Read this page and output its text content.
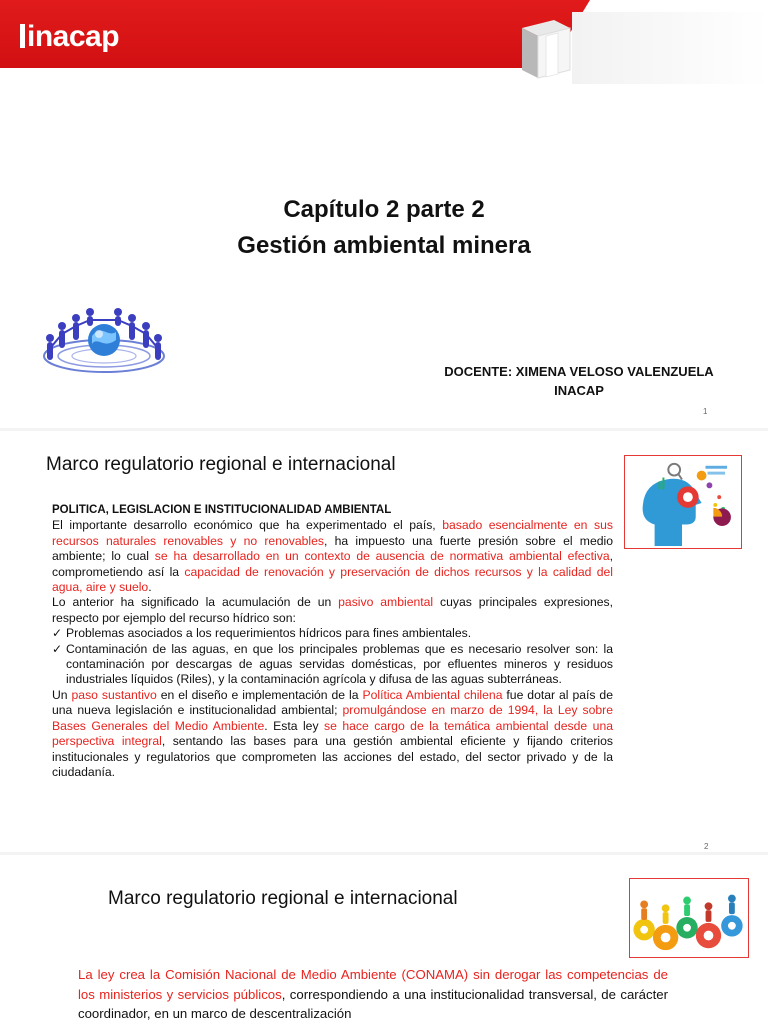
inacap
Capítulo 2 parte 2
Gestión ambiental minera
DOCENTE: XIMENA VELOSO VALENZUELA
INACAP
1
Marco regulatorio regional e internacional
POLITICA, LEGISLACION E INSTITUCIONALIDAD AMBIENTAL
El importante desarrollo económico que ha experimentado el país, basado esencialmente en sus recursos naturales renovables y no renovables, ha impuesto una fuerte presión sobre el medio ambiente; lo cual se ha desarrollado en un contexto de ausencia de normativa ambiental efectiva, comprometiendo así la capacidad de renovación y preservación de dichos recursos y la calidad del agua, aire y suelo.
Lo anterior ha significado la acumulación de un pasivo ambiental cuyas principales expresiones, respecto por ejemplo del recurso hídrico son:
✓ Problemas asociados a los requerimientos hídricos para fines ambientales.
✓ Contaminación de las aguas, en que los principales problemas que es necesario resolver son: la contaminación por descargas de aguas servidas domésticas, por efluentes mineros y residuos industriales líquidos (Riles), y la contaminación agrícola y difusa de las aguas subterráneas.
Un paso sustantivo en el diseño e implementación de la Política Ambiental chilena fue dotar al país de una nueva legislación e institucionalidad ambiental; promulgándose en marzo de 1994, la Ley sobre Bases Generales del Medio Ambiente. Esta ley se hace cargo de la temática ambiental desde una perspectiva integral, sentando las bases para una gestión ambiental eficiente y fijando criterios institucionales y regulatorios que comprometen las acciones del estado, del sector privado y de la ciudadanía.
2
Marco regulatorio regional e internacional
La ley crea la Comisión Nacional de Medio Ambiente (CONAMA) sin derogar las competencias de los ministerios y servicios públicos, correspondiendo a una institucionalidad transversal, de carácter coordinador, en un marco de descentralización
